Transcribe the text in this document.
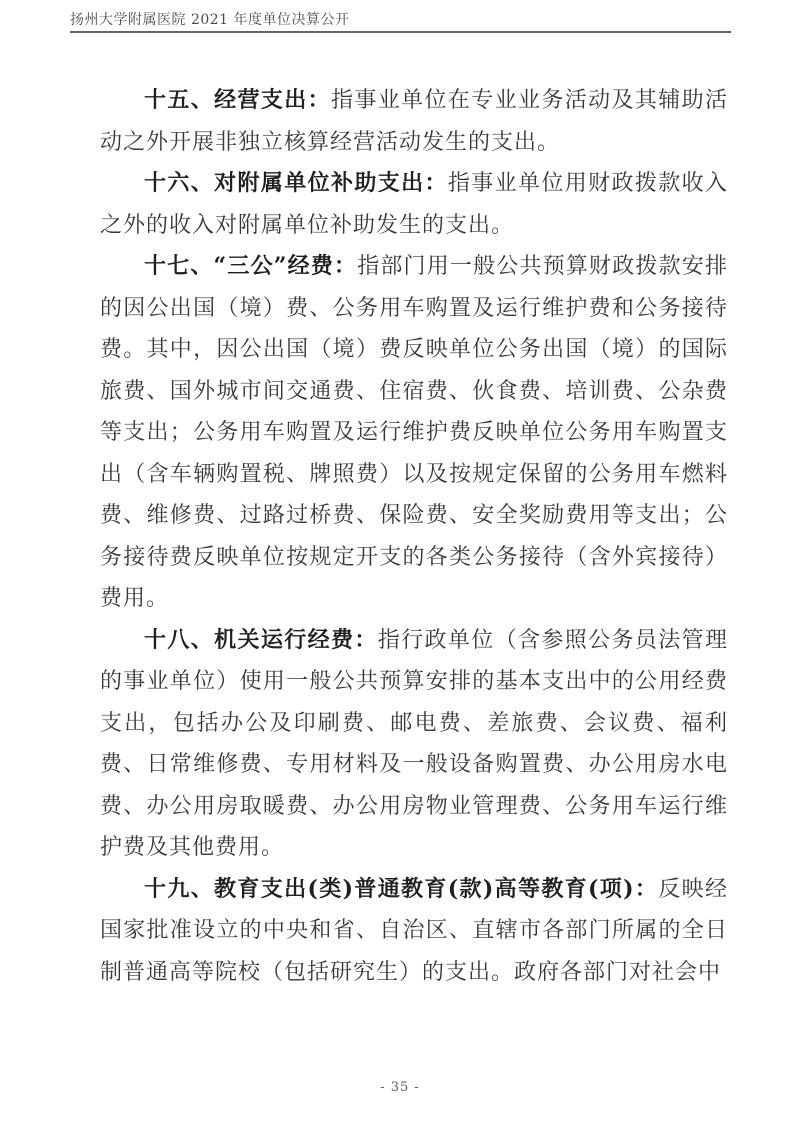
扬州大学附属医院 2021 年度单位决算公开

十五、经营支出：指事业单位在专业业务活动及其辅助活动之外开展非独立核算经营活动发生的支出。

十六、对附属单位补助支出：指事业单位用财政拨款收入之外的收入对附属单位补助发生的支出。

十七、“三公”经费：指部门用一般公共预算财政拨款安排的因公出国（境）费、公务用车购置及运行维护费和公务接待费。其中，因公出国（境）费反映单位公务出国（境）的国际旅费、国外城市间交通费、住宿费、伙食费、培训费、公杂费等支出；公务用车购置及运行维护费反映单位公务用车购置支出（含车辆购置税、牌照费）以及按规定保留的公务用车燃料费、维修费、过路过桥费、保险费、安全奖励费用等支出；公务接待费反映单位按规定开支的各类公务接待（含外宾接待）费用。

十八、机关运行经费：指行政单位（含参照公务员法管理的事业单位）使用一般公共预算安排的基本支出中的公用经费支出，包括办公及印刷费、邮电费、差旅费、会议费、福利费、日常维修费、专用材料及一般设备购置费、办公用房水电费、办公用房取暖费、办公用房物业管理费、公务用车运行维护费及其他费用。

十九、教育支出(类)普通教育(款)高等教育(项)：反映经国家批准设立的中央和省、自治区、直辖市各部门所属的全日制普通高等院校（包括研究生）的支出。政府各部门对社会中

- 35 -
